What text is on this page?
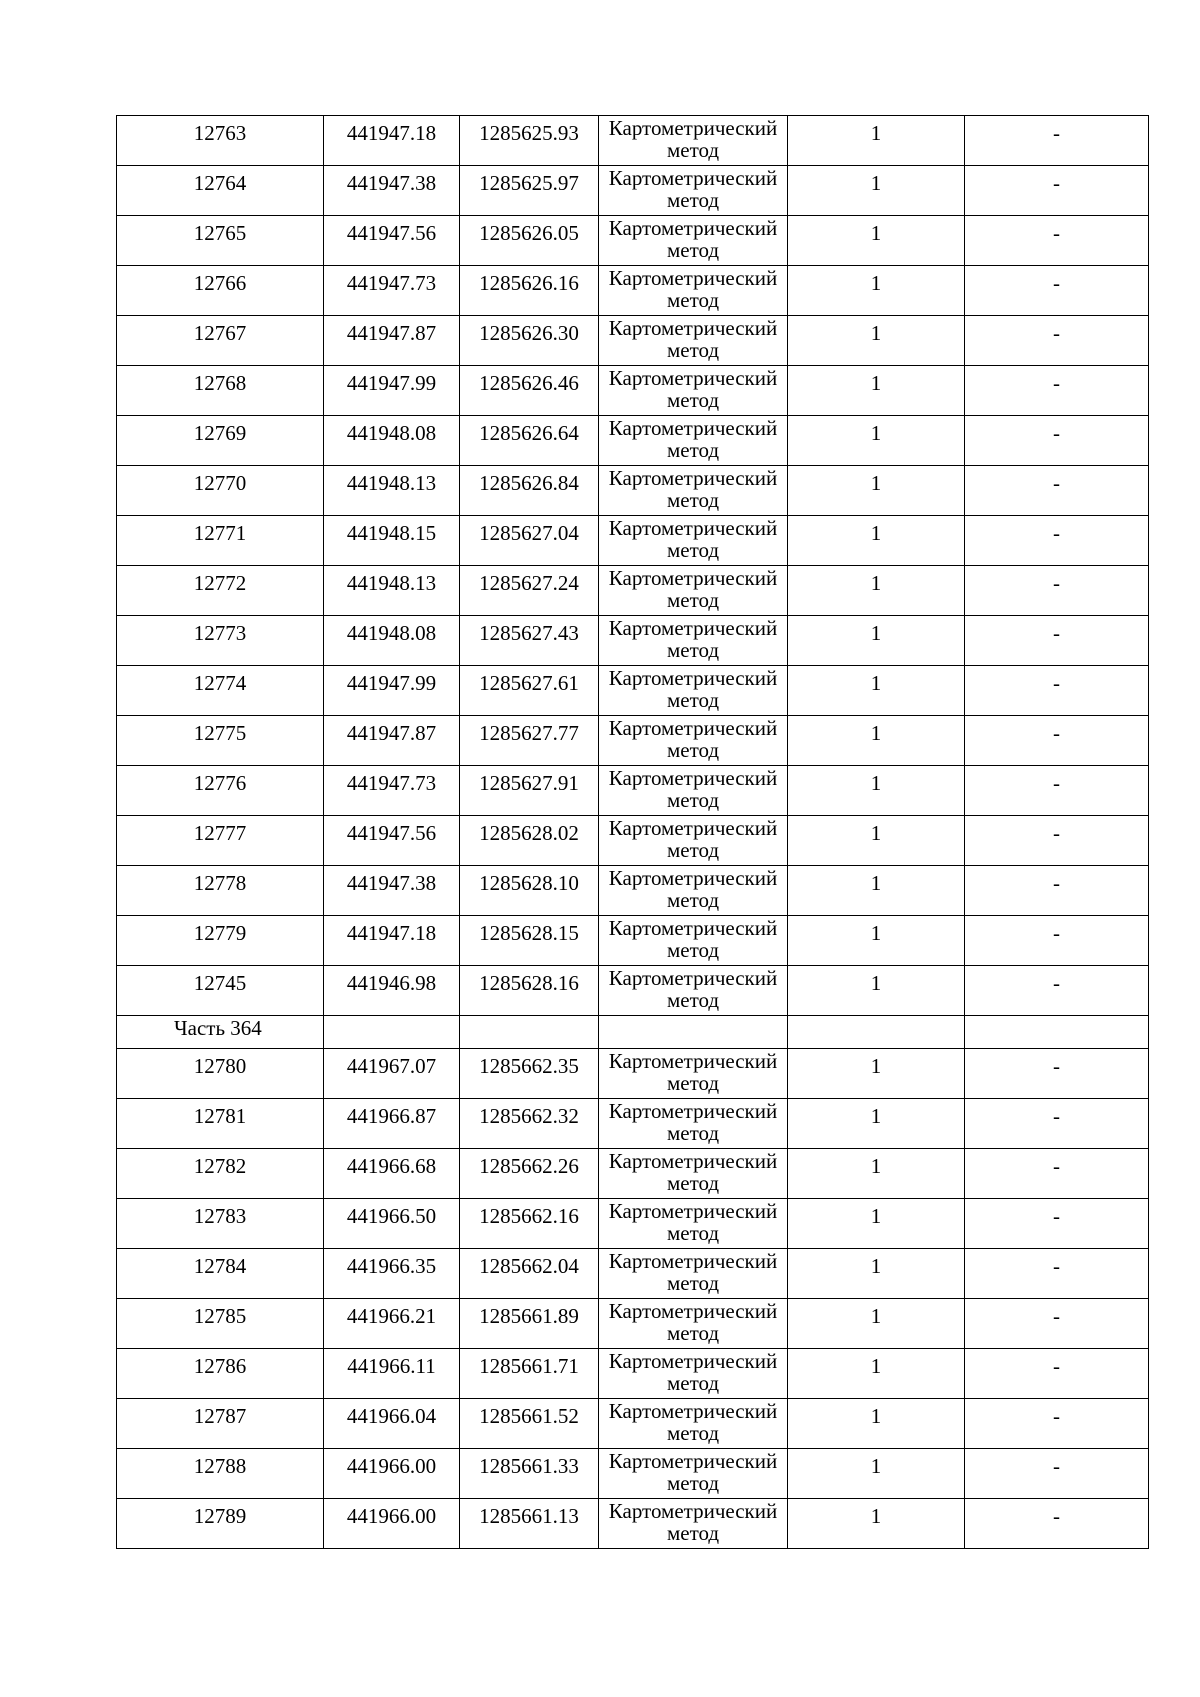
12763	441947.18	1285625.93	Картометрический метод	1	-

12764	441947.38	1285625.97	Картометрический метод	1	-

12765	441947.56	1285626.05	Картометрический метод	1	-

12766	441947.73	1285626.16	Картометрический метод	1	-

12767	441947.87	1285626.30	Картометрический метод	1	-

12768	441947.99	1285626.46	Картометрический метод	1	-

12769	441948.08	1285626.64	Картометрический метод	1	-

12770	441948.13	1285626.84	Картометрический метод	1	-

12771	441948.15	1285627.04	Картометрический метод	1	-

12772	441948.13	1285627.24	Картометрический метод	1	-

12773	441948.08	1285627.43	Картометрический метод	1	-

12774	441947.99	1285627.61	Картометрический метод	1	-

12775	441947.87	1285627.77	Картометрический метод	1	-

12776	441947.73	1285627.91	Картометрический метод	1	-

12777	441947.56	1285628.02	Картометрический метод	1	-

12778	441947.38	1285628.10	Картометрический метод	1	-

12779	441947.18	1285628.15	Картометрический метод	1	-

12745	441946.98	1285628.16	Картометрический метод	1	-

Часть 364					

12780	441967.07	1285662.35	Картометрический метод	1	-

12781	441966.87	1285662.32	Картометрический метод	1	-

12782	441966.68	1285662.26	Картометрический метод	1	-

12783	441966.50	1285662.16	Картометрический метод	1	-

12784	441966.35	1285662.04	Картометрический метод	1	-

12785	441966.21	1285661.89	Картометрический метод	1	-

12786	441966.11	1285661.71	Картометрический метод	1	-

12787	441966.04	1285661.52	Картометрический метод	1	-

12788	441966.00	1285661.33	Картометрический метод	1	-

12789	441966.00	1285661.13	Картометрический метод	1	-
